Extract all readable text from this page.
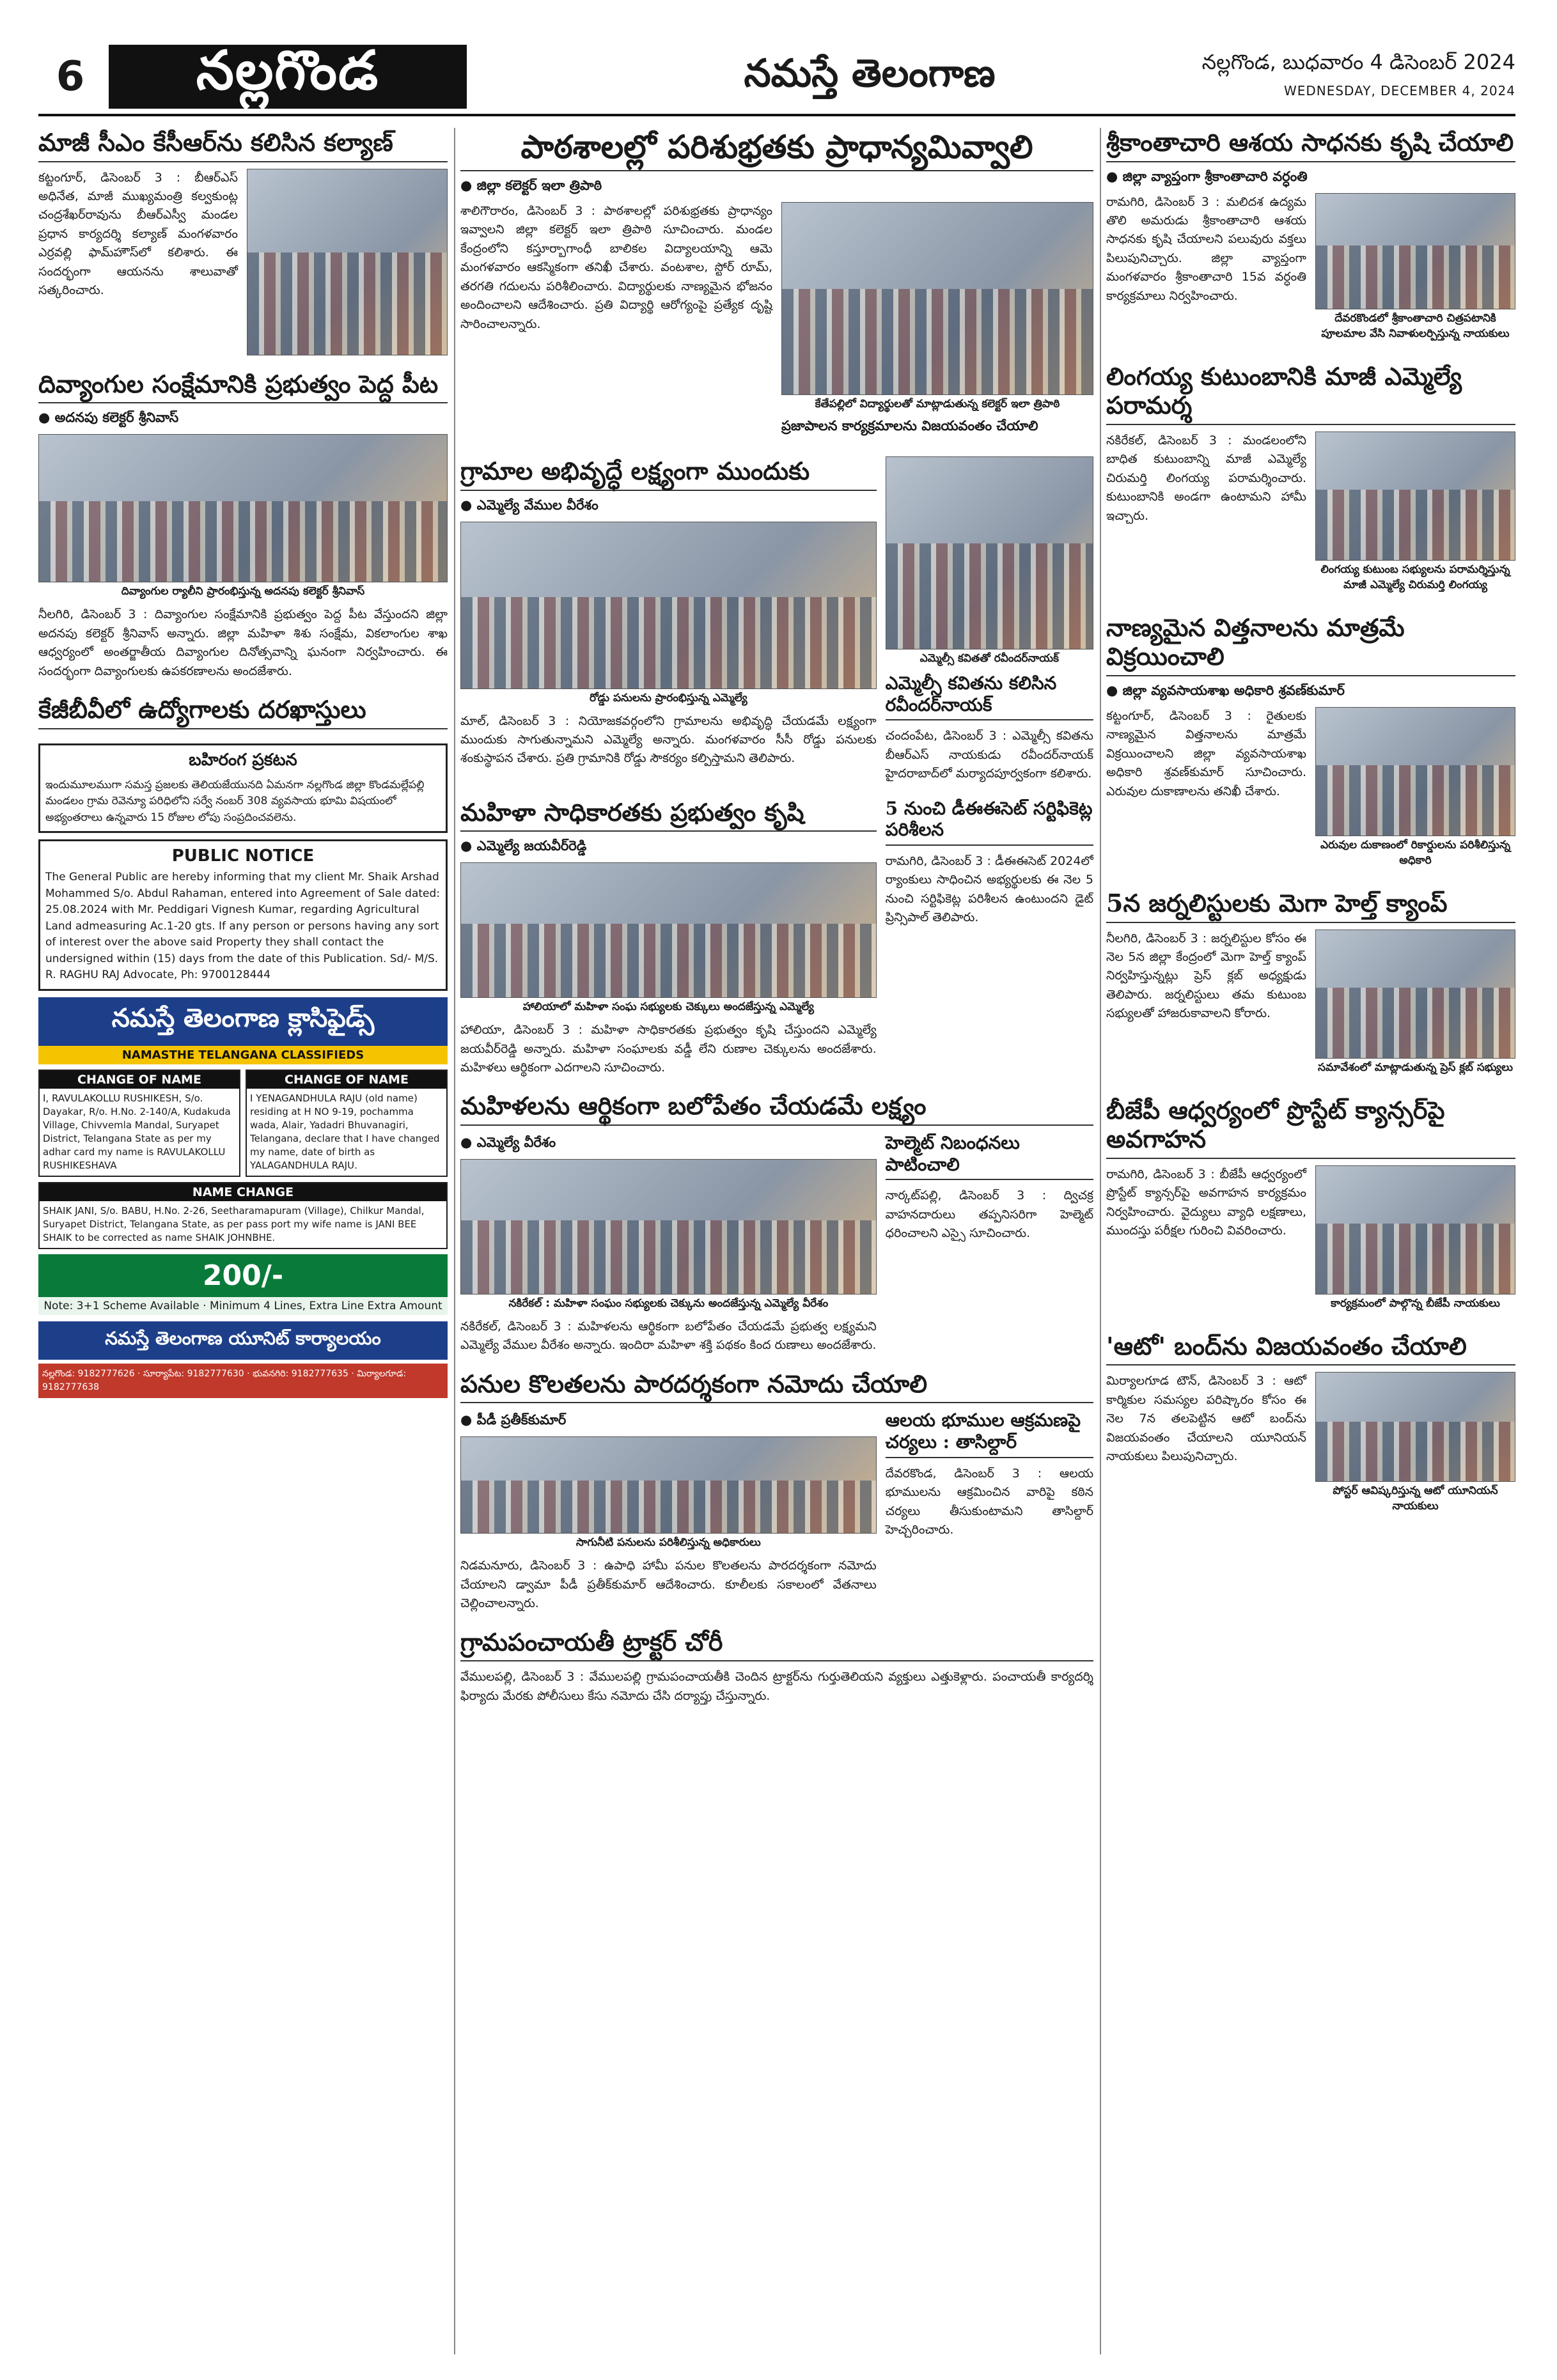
6	నల్లగొండ	నమస్తే తెలంగాణ	నల్లగొండ, బుధవారం 4 డిసెంబర్ 2024
WEDNESDAY, DECEMBER 4, 2024
మాజీ సీఎం కేసీఆర్‌ను కలిసిన కల్యాణ్
కట్టంగూర్, డిసెంబర్ 3 : బీఆర్‌ఎస్ అధినేత, మాజీ ముఖ్యమంత్రి కల్వకుంట్ల చంద్రశేఖర్‌రావును బీఆర్‌ఎస్వీ మండల ప్రధాన కార్యదర్శి కల్యాణ్ మంగళవారం ఎర్రవల్లి ఫామ్‌హౌస్‌లో కలిశారు. ఈ సందర్భంగా ఆయనను శాలువాతో సత్కరించారు.
దివ్యాంగుల సంక్షేమానికి ప్రభుత్వం పెద్ద పీట
● అదనపు కలెక్టర్ శ్రీనివాస్
దివ్యాంగుల ర్యాలీని ప్రారంభిస్తున్న అదనపు కలెక్టర్ శ్రీనివాస్
నీలగిరి, డిసెంబర్ 3 : దివ్యాంగుల సంక్షేమానికి ప్రభుత్వం పెద్ద పీట వేస్తుందని జిల్లా అదనపు కలెక్టర్ శ్రీనివాస్ అన్నారు. జిల్లా మహిళా శిశు సంక్షేమ, వికలాంగుల శాఖ ఆధ్వర్యంలో అంతర్జాతీయ దివ్యాంగుల దినోత్సవాన్ని ఘనంగా నిర్వహించారు. ఈ సందర్భంగా దివ్యాంగులకు ఉపకరణాలను అందజేశారు.
కేజీబీవీలో ఉద్యోగాలకు దరఖాస్తులు
బహిరంగ ప్రకటన

ఇందుమూలముగా సమస్త ప్రజలకు తెలియజేయునది ఏమనగా నల్లగొండ జిల్లా కొండమల్లేపల్లి మండలం గ్రామ రెవెన్యూ పరిధిలోని సర్వే నంబర్ 308 వ్యవసాయ భూమి విషయంలో అభ్యంతరాలు ఉన్నవారు 15 రోజుల లోపు సంప్రదించవలెను.

PUBLIC NOTICE

The General Public are hereby informing that my client Mr. Shaik Arshad Mohammed S/o. Abdul Rahaman, entered into Agreement of Sale dated: 25.08.2024 with Mr. Peddigari Vignesh Kumar, regarding Agricultural Land admeasuring Ac.1-20 gts. If any person or persons having any sort of interest over the above said Property they shall contact the undersigned within (15) days from the date of this Publication. Sd/- M/S. R. RAGHU RAJ Advocate, Ph: 9700128444

నమస్తే తెలంగాణ క్లాసిఫైడ్స్
NAMASTHE TELANGANA CLASSIFIEDS
CHANGE OF NAME

I, RAVULAKOLLU RUSHIKESH, S/o. Dayakar, R/o. H.No. 2-140/A, Kudakuda Village, Chivvemla Mandal, Suryapet District, Telangana State as per my adhar card my name is RAVULAKOLLU RUSHIKESHAVA

CHANGE OF NAME

I YENAGANDHULA RAJU (old name) residing at H NO 9-19, pochamma wada, Alair, Yadadri Bhuvanagiri, Telangana, declare that I have changed my name, date of birth as YALAGANDHULA RAJU.

NAME CHANGE

SHAIK JANI, S/o. BABU, H.No. 2-26, Seetharamapuram (Village), Chilkur Mandal, Suryapet District, Telangana State, as per pass port my wife name is JANI BEE SHAIK to be corrected as name SHAIK JOHNBHE.

200/-
Note: 3+1 Scheme Available · Minimum 4 Lines, Extra Line Extra Amount
నమస్తే తెలంగాణ యూనిట్ కార్యాలయం
నల్లగొండ: 9182777626 · సూర్యాపేట: 9182777630 · భువనగిరి: 9182777635 · మిర్యాలగూడ: 9182777638
పాఠశాలల్లో పరిశుభ్రతకు ప్రాధాన్యమివ్వాలి
● జిల్లా కలెక్టర్ ఇలా త్రిపాఠి
శాలిగౌరారం, డిసెంబర్ 3 : పాఠశాలల్లో పరిశుభ్రతకు ప్రాధాన్యం ఇవ్వాలని జిల్లా కలెక్టర్ ఇలా త్రిపాఠి సూచించారు. మండల కేంద్రంలోని కస్తూర్బాగాంధీ బాలికల విద్యాలయాన్ని ఆమె మంగళవారం ఆకస్మికంగా తనిఖీ చేశారు. వంటశాల, స్టోర్ రూమ్, తరగతి గదులను పరిశీలించారు. విద్యార్థులకు నాణ్యమైన భోజనం అందించాలని ఆదేశించారు. ప్రతి విద్యార్థి ఆరోగ్యంపై ప్రత్యేక దృష్టి సారించాలన్నారు.
కేతేపల్లిలో విద్యార్థులతో మాట్లాడుతున్న కలెక్టర్ ఇలా త్రిపాఠి
ప్రజాపాలన కార్యక్రమాలను విజయవంతం చేయాలి
గ్రామాల అభివృద్ధే లక్ష్యంగా ముందుకు
● ఎమ్మెల్యే వేముల వీరేశం
రోడ్డు పనులను ప్రారంభిస్తున్న ఎమ్మెల్యే
మాల్, డిసెంబర్ 3 : నియోజకవర్గంలోని గ్రామాలను అభివృద్ధి చేయడమే లక్ష్యంగా ముందుకు సాగుతున్నామని ఎమ్మెల్యే అన్నారు. మంగళవారం సీసీ రోడ్డు పనులకు శంకుస్థాపన చేశారు. ప్రతి గ్రామానికి రోడ్డు సౌకర్యం కల్పిస్తామని తెలిపారు.
ఎమ్మెల్సీ కవితతో రవీందర్‌నాయక్
ఎమ్మెల్సీ కవితను కలిసిన రవీందర్‌నాయక్
చందంపేట, డిసెంబర్ 3 : ఎమ్మెల్సీ కవితను బీఆర్‌ఎస్ నాయకుడు రవీందర్‌నాయక్ హైదరాబాద్‌లో మర్యాదపూర్వకంగా కలిశారు.
మహిళా సాధికారతకు ప్రభుత్వం కృషి
● ఎమ్మెల్యే జయవీర్‌రెడ్డి
హాలియాలో మహిళా సంఘ సభ్యులకు చెక్కులు అందజేస్తున్న ఎమ్మెల్యే
హాలియా, డిసెంబర్ 3 : మహిళా సాధికారతకు ప్రభుత్వం కృషి చేస్తుందని ఎమ్మెల్యే జయవీర్‌రెడ్డి అన్నారు. మహిళా సంఘాలకు వడ్డీ లేని రుణాల చెక్కులను అందజేశారు. మహిళలు ఆర్థికంగా ఎదగాలని సూచించారు.
5 నుంచి డీఈఈసెట్ సర్టిఫికెట్ల పరిశీలన
రామగిరి, డిసెంబర్ 3 : డీఈఈసెట్ 2024లో ర్యాంకులు సాధించిన అభ్యర్థులకు ఈ నెల 5 నుంచి సర్టిఫికెట్ల పరిశీలన ఉంటుందని డైట్ ప్రిన్సిపాల్ తెలిపారు.
మహిళలను ఆర్థికంగా బలోపేతం చేయడమే లక్ష్యం
● ఎమ్మెల్యే వీరేశం
నకిరేకల్ : మహిళా సంఘం సభ్యులకు చెక్కును అందజేస్తున్న ఎమ్మెల్యే వీరేశం
నకిరేకల్, డిసెంబర్ 3 : మహిళలను ఆర్థికంగా బలోపేతం చేయడమే ప్రభుత్వ లక్ష్యమని ఎమ్మెల్యే వేముల వీరేశం అన్నారు. ఇందిరా మహిళా శక్తి పథకం కింద రుణాలు అందజేశారు.
హెల్మెట్ నిబంధనలు పాటించాలి
నార్కట్‌పల్లి, డిసెంబర్ 3 : ద్విచక్ర వాహనదారులు తప్పనిసరిగా హెల్మెట్ ధరించాలని ఎస్సై సూచించారు.
పనుల కొలతలను పారదర్శకంగా నమోదు చేయాలి
● పీడీ ప్రతీక్‌కుమార్
సాగునీటి పనులను పరిశీలిస్తున్న అధికారులు
నిడమనూరు, డిసెంబర్ 3 : ఉపాధి హామీ పనుల కొలతలను పారదర్శకంగా నమోదు చేయాలని డ్వామా పీడీ ప్రతీక్‌కుమార్ ఆదేశించారు. కూలీలకు సకాలంలో వేతనాలు చెల్లించాలన్నారు.
ఆలయ భూముల ఆక్రమణపై చర్యలు : తాసిల్దార్
దేవరకొండ, డిసెంబర్ 3 : ఆలయ భూములను ఆక్రమించిన వారిపై కఠిన చర్యలు తీసుకుంటామని తాసిల్దార్ హెచ్చరించారు.
గ్రామపంచాయతీ ట్రాక్టర్ చోరీ
వేములపల్లి, డిసెంబర్ 3 : వేములపల్లి గ్రామపంచాయతీకి చెందిన ట్రాక్టర్‌ను గుర్తుతెలియని వ్యక్తులు ఎత్తుకెళ్లారు. పంచాయతీ కార్యదర్శి ఫిర్యాదు మేరకు పోలీసులు కేసు నమోదు చేసి దర్యాప్తు చేస్తున్నారు.
శ్రీకాంతాచారి ఆశయ సాధనకు కృషి చేయాలి
● జిల్లా వ్యాప్తంగా శ్రీకాంతాచారి వర్ధంతి
రామగిరి, డిసెంబర్ 3 : మలిదశ ఉద్యమ తొలి అమరుడు శ్రీకాంతాచారి ఆశయ సాధనకు కృషి చేయాలని పలువురు వక్తలు పిలుపునిచ్చారు. జిల్లా వ్యాప్తంగా మంగళవారం శ్రీకాంతాచారి 15వ వర్ధంతి కార్యక్రమాలు నిర్వహించారు.
దేవరకొండలో శ్రీకాంతాచారి చిత్రపటానికి పూలమాల వేసి నివాళులర్పిస్తున్న నాయకులు
లింగయ్య కుటుంబానికి మాజీ ఎమ్మెల్యే పరామర్శ
నకిరేకల్, డిసెంబర్ 3 : మండలంలోని బాధిత కుటుంబాన్ని మాజీ ఎమ్మెల్యే చిరుమర్తి లింగయ్య పరామర్శించారు. కుటుంబానికి అండగా ఉంటామని హామీ ఇచ్చారు.
లింగయ్య కుటుంబ సభ్యులను పరామర్శిస్తున్న మాజీ ఎమ్మెల్యే చిరుమర్తి లింగయ్య
నాణ్యమైన విత్తనాలను మాత్రమే విక్రయించాలి
● జిల్లా వ్యవసాయశాఖ అధికారి శ్రవణ్‌కుమార్
కట్టంగూర్, డిసెంబర్ 3 : రైతులకు నాణ్యమైన విత్తనాలను మాత్రమే విక్రయించాలని జిల్లా వ్యవసాయశాఖ అధికారి శ్రవణ్‌కుమార్ సూచించారు. ఎరువుల దుకాణాలను తనిఖీ చేశారు.
ఎరువుల దుకాణంలో రికార్డులను పరిశీలిస్తున్న అధికారి
5న జర్నలిస్టులకు మెగా హెల్త్ క్యాంప్
నీలగిరి, డిసెంబర్ 3 : జర్నలిస్టుల కోసం ఈ నెల 5న జిల్లా కేంద్రంలో మెగా హెల్త్ క్యాంప్ నిర్వహిస్తున్నట్లు ప్రెస్ క్లబ్ అధ్యక్షుడు తెలిపారు. జర్నలిస్టులు తమ కుటుంబ సభ్యులతో హాజరుకావాలని కోరారు.
సమావేశంలో మాట్లాడుతున్న ప్రెస్ క్లబ్ సభ్యులు
బీజేపీ ఆధ్వర్యంలో ప్రొస్టేట్ క్యాన్సర్‌పై అవగాహన
రామగిరి, డిసెంబర్ 3 : బీజేపీ ఆధ్వర్యంలో ప్రొస్టేట్ క్యాన్సర్‌పై అవగాహన కార్యక్రమం నిర్వహించారు. వైద్యులు వ్యాధి లక్షణాలు, ముందస్తు పరీక్షల గురించి వివరించారు.
కార్యక్రమంలో పాల్గొన్న బీజేపీ నాయకులు
'ఆటో' బంద్‌ను విజయవంతం చేయాలి
మిర్యాలగూడ టౌన్, డిసెంబర్ 3 : ఆటో కార్మికుల సమస్యల పరిష్కారం కోసం ఈ నెల 7న తలపెట్టిన ఆటో బంద్‌ను విజయవంతం చేయాలని యూనియన్ నాయకులు పిలుపునిచ్చారు.
పోస్టర్ ఆవిష్కరిస్తున్న ఆటో యూనియన్ నాయకులు
